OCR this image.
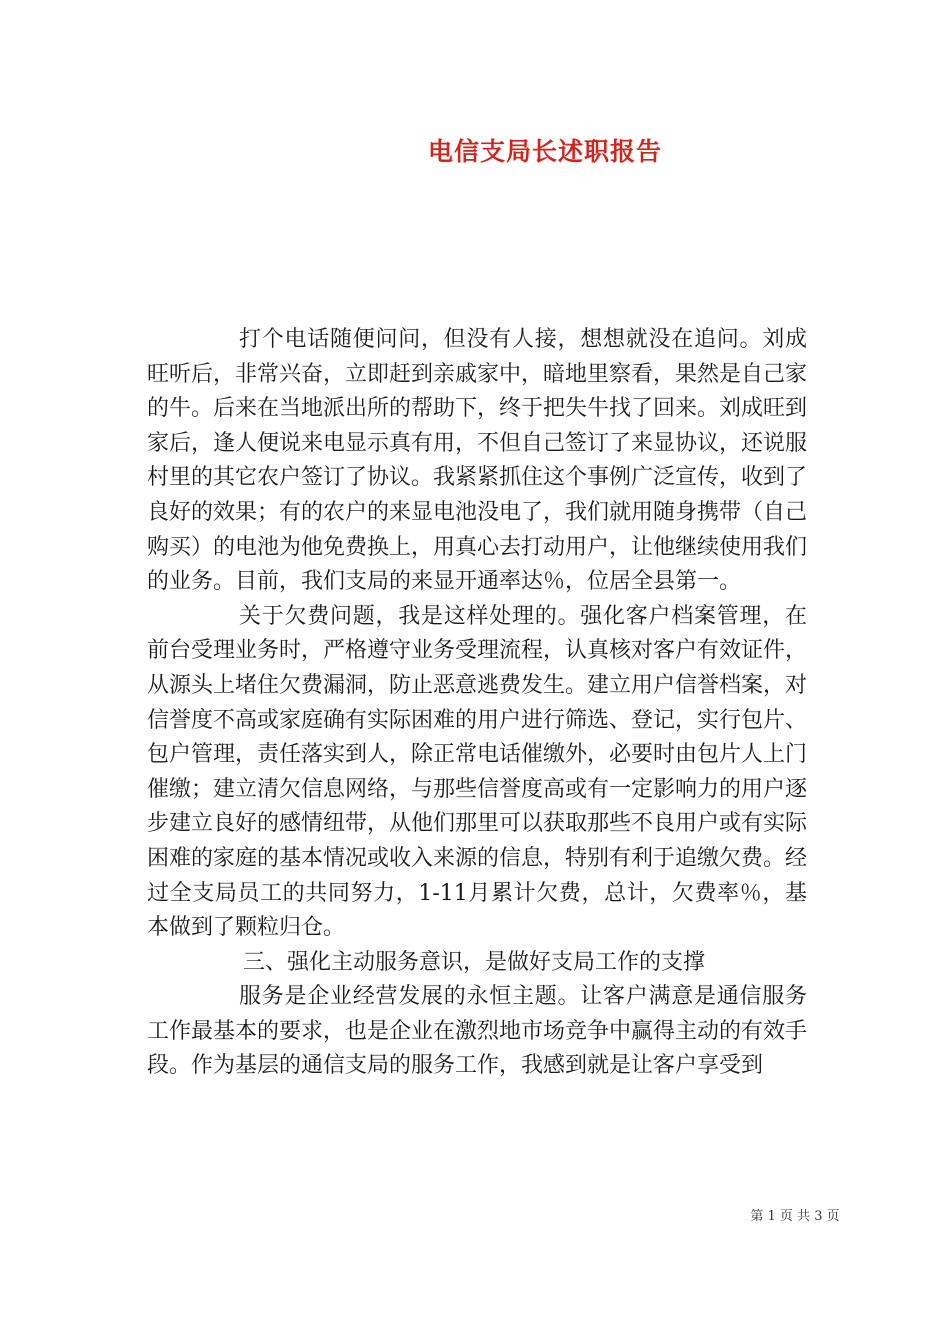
电信支局长述职报告

打个电话随便问问，但没有人接，想想就没在追问。刘成旺听后，非常兴奋，立即赶到亲戚家中，暗地里察看，果然是自己家的牛。后来在当地派出所的帮助下，终于把失牛找了回来。刘成旺到家后，逢人便说来电显示真有用，不但自己签订了来显协议，还说服村里的其它农户签订了协议。我紧紧抓住这个事例广泛宣传，收到了良好的效果；有的农户的来显电池没电了，我们就用随身携带（自己购买）的电池为他免费换上，用真心去打动用户，让他继续使用我们的业务。目前，我们支局的来显开通率达％，位居全县第一。

关于欠费问题，我是这样处理的。强化客户档案管理，在前台受理业务时，严格遵守业务受理流程，认真核对客户有效证件，从源头上堵住欠费漏洞，防止恶意逃费发生。建立用户信誉档案，对信誉度不高或家庭确有实际困难的用户进行筛选、登记，实行包片、包户管理，责任落实到人，除正常电话催缴外，必要时由包片人上门催缴；建立清欠信息网络，与那些信誉度高或有一定影响力的用户逐步建立良好的感情纽带，从他们那里可以获取那些不良用户或有实际困难的家庭的基本情况或收入来源的信息，特别有利于追缴欠费。经过全支局员工的共同努力，1-11月累计欠费，总计，欠费率％，基本做到了颗粒归仓。

三、强化主动服务意识，是做好支局工作的支撑

服务是企业经营发展的永恒主题。让客户满意是通信服务工作最基本的要求，也是企业在激烈地市场竞争中赢得主动的有效手段。作为基层的通信支局的服务工作，我感到就是让客户享受到

第 1 页 共 3 页
